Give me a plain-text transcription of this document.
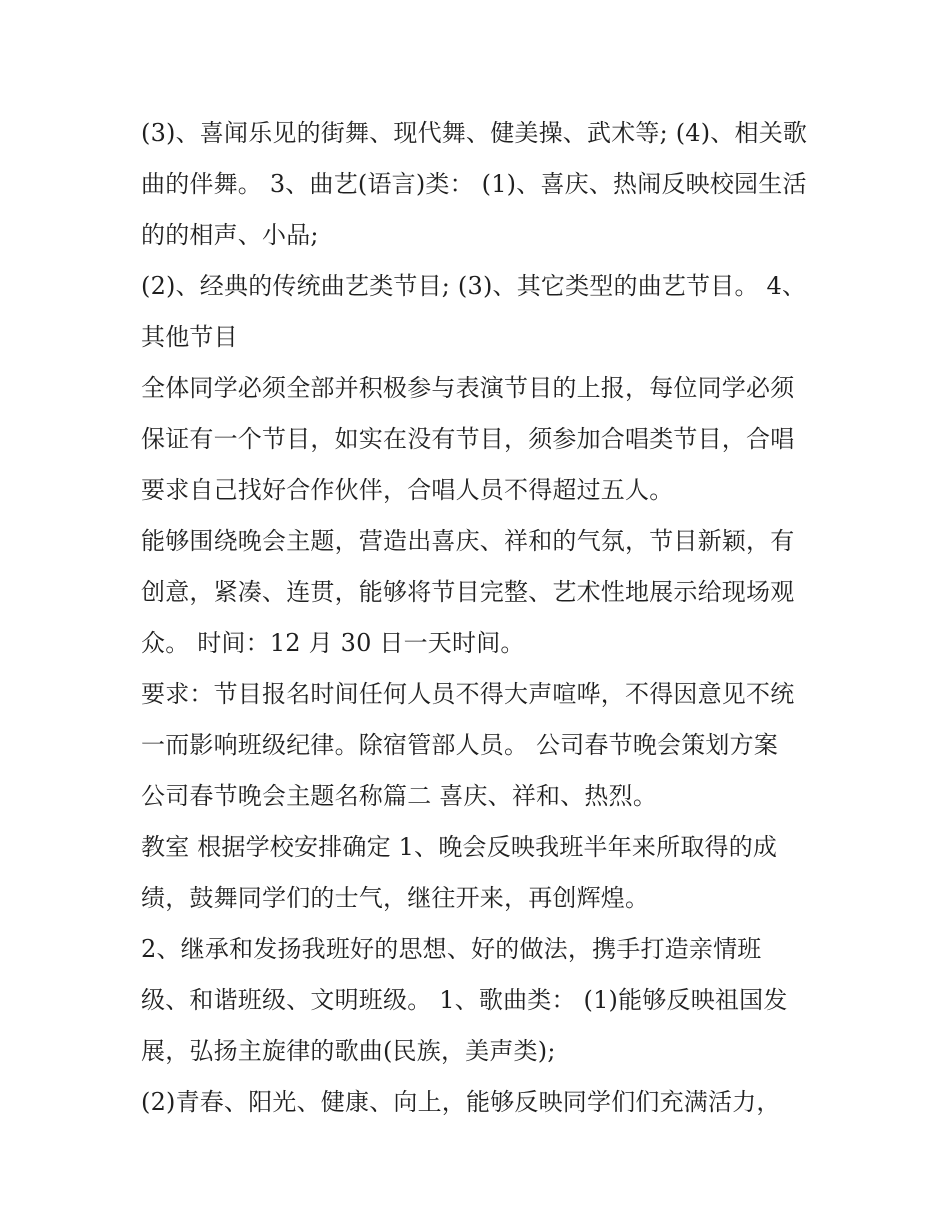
(3)、喜闻乐见的街舞、现代舞、健美操、武术等; (4)、相关歌
曲的伴舞。 3、曲艺(语言)类： (1)、喜庆、热闹反映校园生活
的的相声、小品;
(2)、经典的传统曲艺类节目; (3)、其它类型的曲艺节目。 4、
其他节目
全体同学必须全部并积极参与表演节目的上报，每位同学必须
保证有一个节目，如实在没有节目，须参加合唱类节目，合唱
要求自己找好合作伙伴，合唱人员不得超过五人。
能够围绕晚会主题，营造出喜庆、祥和的气氛，节目新颖，有
创意，紧凑、连贯，能够将节目完整、艺术性地展示给现场观
众。 时间：12 月 30 日一天时间。
要求：节目报名时间任何人员不得大声喧哗，不得因意见不统
一而影响班级纪律。除宿管部人员。 公司春节晚会策划方案
公司春节晚会主题名称篇二 喜庆、祥和、热烈。
教室 根据学校安排确定 1、晚会反映我班半年来所取得的成
绩，鼓舞同学们的士气，继往开来，再创辉煌。
2、继承和发扬我班好的思想、好的做法，携手打造亲情班
级、和谐班级、文明班级。 1、歌曲类： (1)能够反映祖国发
展，弘扬主旋律的歌曲(民族，美声类);
(2)青春、阳光、健康、向上，能够反映同学们们充满活力，
